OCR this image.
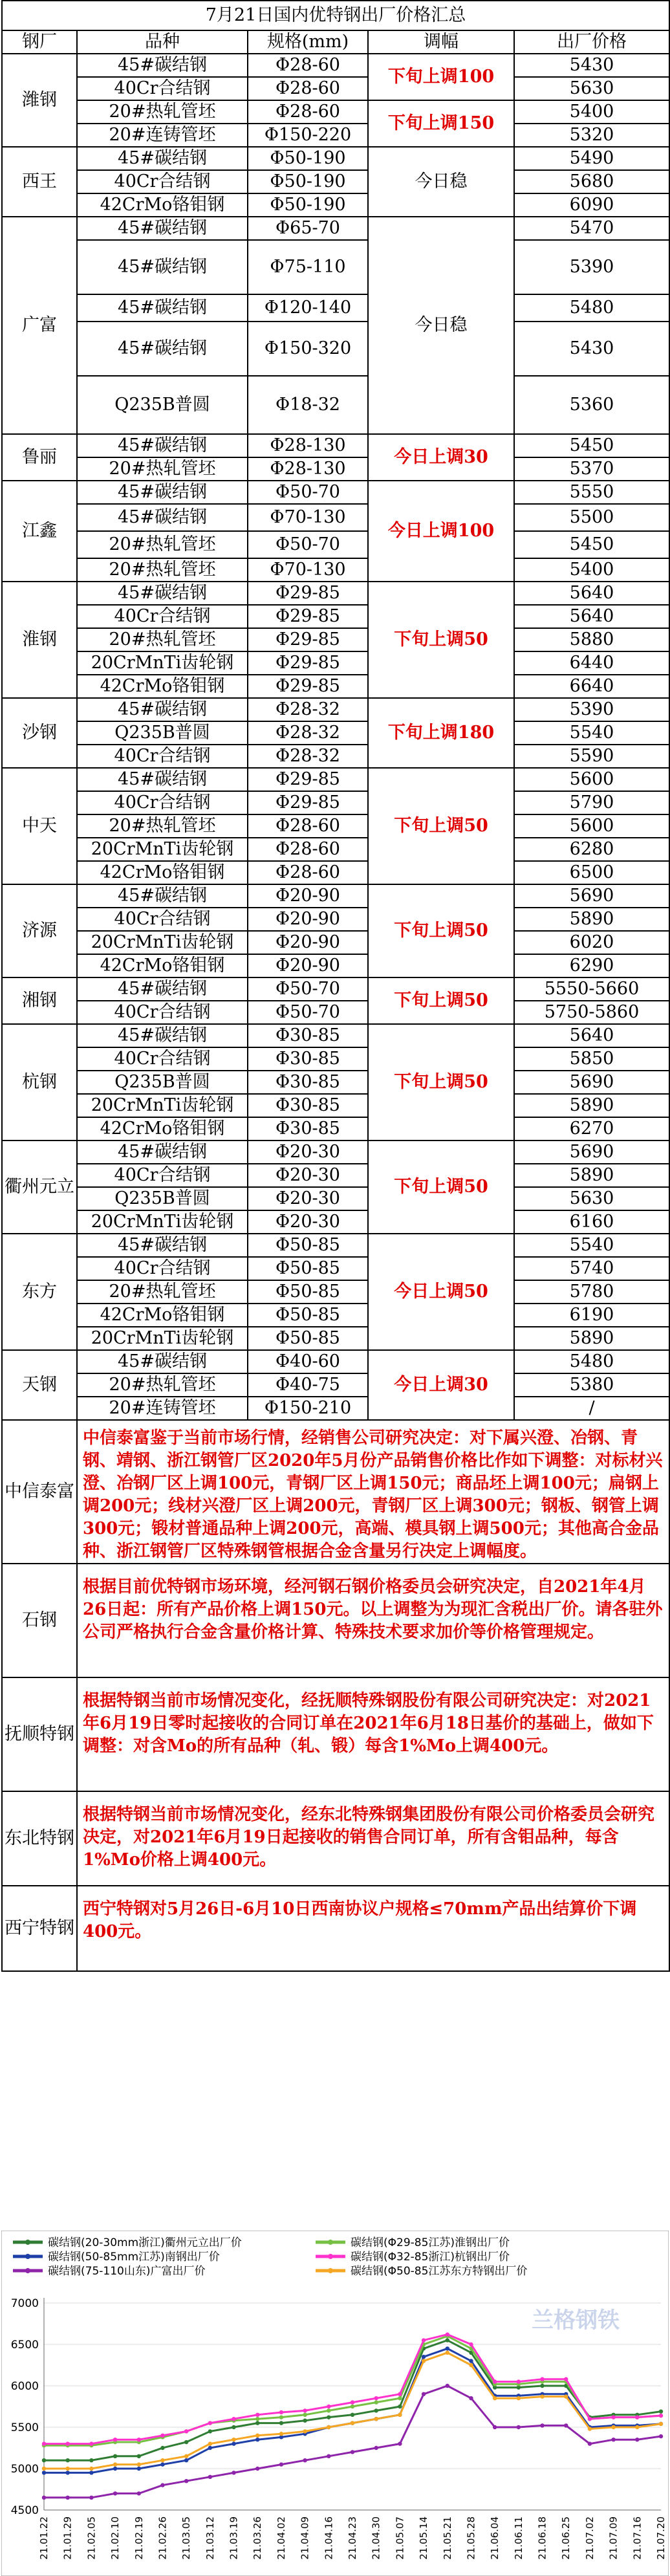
7月21日国内优特钢出厂价格汇总				
钢厂	品种	规格(mm)	调幅	出厂价格
潍钢	45#碳结钢	Φ28-60	下旬上调100	5430
	40Cr合结钢	Φ28-60		5630
	20#热轧管坯	Φ28-60	下旬上调150	5400
	20#连铸管坯	Φ150-220		5320
西王	45#碳结钢	Φ50-190	今日稳	5490
	40Cr合结钢	Φ50-190		5680
	42CrMo铬钼钢	Φ50-190		6090
广富	45#碳结钢	Φ65-70	今日稳	5470
	45#碳结钢	Φ75-110		5390
	45#碳结钢	Φ120-140		5480
	45#碳结钢	Φ150-320		5430
	Q235B普圆	Φ18-32		5360
鲁丽	45#碳结钢	Φ28-130	今日上调30	5450
	20#热轧管坯	Φ28-130		5370
江鑫	45#碳结钢	Φ50-70	今日上调100	5550
	45#碳结钢	Φ70-130		5500
	20#热轧管坯	Φ50-70		5450
	20#热轧管坯	Φ70-130		5400
淮钢	45#碳结钢	Φ29-85	下旬上调50	5640
	40Cr合结钢	Φ29-85		5640
	20#热轧管坯	Φ29-85		5880
	20CrMnTi齿轮钢	Φ29-85		6440
	42CrMo铬钼钢	Φ29-85		6640
沙钢	45#碳结钢	Φ28-32	下旬上调180	5390
	Q235B普圆	Φ28-32		5540
	40Cr合结钢	Φ28-32		5590
中天	45#碳结钢	Φ29-85	下旬上调50	5600
	40Cr合结钢	Φ29-85		5790
	20#热轧管坯	Φ28-60		5600
	20CrMnTi齿轮钢	Φ28-60		6280
	42CrMo铬钼钢	Φ28-60		6500
济源	45#碳结钢	Φ20-90	下旬上调50	5690
	40Cr合结钢	Φ20-90		5890
	20CrMnTi齿轮钢	Φ20-90		6020
	42CrMo铬钼钢	Φ20-90		6290
湘钢	45#碳结钢	Φ50-70	下旬上调50	5550-5660
	40Cr合结钢	Φ50-70		5750-5860
杭钢	45#碳结钢	Φ30-85	下旬上调50	5640
	40Cr合结钢	Φ30-85		5850
	Q235B普圆	Φ30-85		5690
	20CrMnTi齿轮钢	Φ30-85		5890
	42CrMo铬钼钢	Φ30-85		6270
衢州元立	45#碳结钢	Φ20-30	下旬上调50	5690
	40Cr合结钢	Φ20-30		5890
	Q235B普圆	Φ20-30		5630
	20CrMnTi齿轮钢	Φ20-30		6160
东方	45#碳结钢	Φ50-85	今日上调50	5540
	40Cr合结钢	Φ50-85		5740
	20#热轧管坯	Φ50-85		5780
	42CrMo铬钼钢	Φ50-85		6190
	20CrMnTi齿轮钢	Φ50-85		5890
天钢	45#碳结钢	Φ40-60	今日上调30	5480
	20#热轧管坯	Φ40-75		5380
	20#连铸管坯	Φ150-210		/
中信泰富	中信泰富鉴于当前市场行情，经销售公司研究决定：对下属兴澄、冶钢、青钢、靖钢、浙江钢管厂区2020年5月份产品销售价格比作如下调整：对标材兴澄、冶钢厂区上调100元，青钢厂区上调150元；商品坯上调100元；扁钢上调200元；线材兴澄厂区上调200元，青钢厂区上调300元；钢板、钢管上调300元；锻材普通品种上调200元，高端、模具钢上调500元；其他高合金品种、浙江钢管厂区特殊钢管根据合金含量另行决定上调幅度。			
石钢	根据目前优特钢市场环境，经河钢石钢价格委员会研究决定，自2021年4月26日起：所有产品价格上调150元。以上调整为为现汇含税出厂价。请各驻外公司严格执行合金含量价格计算、特殊技术要求加价等价格管理规定。			
抚顺特钢	根据特钢当前市场情况变化，经抚顺特殊钢股份有限公司研究决定：对2021年6月19日零时起接收的合同订单在2021年6月18日基价的基础上，做如下调整：对含Mo的所有品种（轧、锻）每含1%Mo上调400元。			
东北特钢	根据特钢当前市场情况变化，经东北特殊钢集团股份有限公司价格委员会研究决定，对2021年6月19日起接收的销售合同订单，所有含钼品种，每含1%Mo价格上调400元。			
西宁特钢	西宁特钢对5月26日-6月10日西南协议户规格≤70mm产品出结算价下调400元。			
碳结钢(20-30mm浙江)衢州元立出厂价	碳结钢(Φ29-85江苏)淮钢出厂价
碳结钢(50-85mm江苏)南钢出厂价	碳结钢(Φ32-85浙江)杭钢出厂价
碳结钢(75-110山东)广富出厂价	碳结钢(Φ50-85江苏东方特钢出厂价
兰格钢铁
4500
5000
5500
6000
6500
7000
21.01.22 21.01.29 21.02.05 21.02.10 21.02.19 21.02.26 21.03.05 21.03.12 21.03.19 21.03.26 21.04.02 21.04.09 21.04.16 21.04.23 21.04.30 21.05.07 21.05.14 21.05.21 21.05.28 21.06.04 21.06.11 21.06.18 21.06.25 21.07.02 21.07.09 21.07.16 21.07.20
